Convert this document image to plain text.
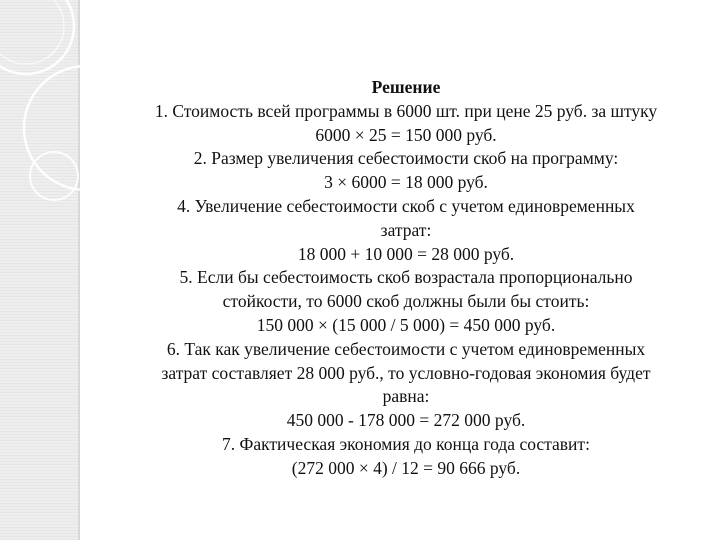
Решение

1. Стоимость всей программы в 6000 шт. при цене 25 руб. за штуку

6000 × 25 = 150 000 руб.

2. Размер увеличения себестоимости скоб на программу:

3 × 6000 = 18 000 руб.

4. Увеличение себестоимости скоб с учетом единовременных

затрат:

18 000 + 10 000 = 28 000 руб.

5. Если бы себестоимость скоб возрастала пропорционально

стойкости, то 6000 скоб должны были бы стоить:

150 000 × (15 000 / 5 000) = 450 000 руб.

6. Так как увеличение себестоимости с учетом единовременных

затрат составляет 28 000 руб., то условно-годовая экономия будет

равна:

450 000 - 178 000 = 272 000 руб.

7. Фактическая экономия до конца года составит:

(272 000 × 4) / 12 = 90 666 руб.
